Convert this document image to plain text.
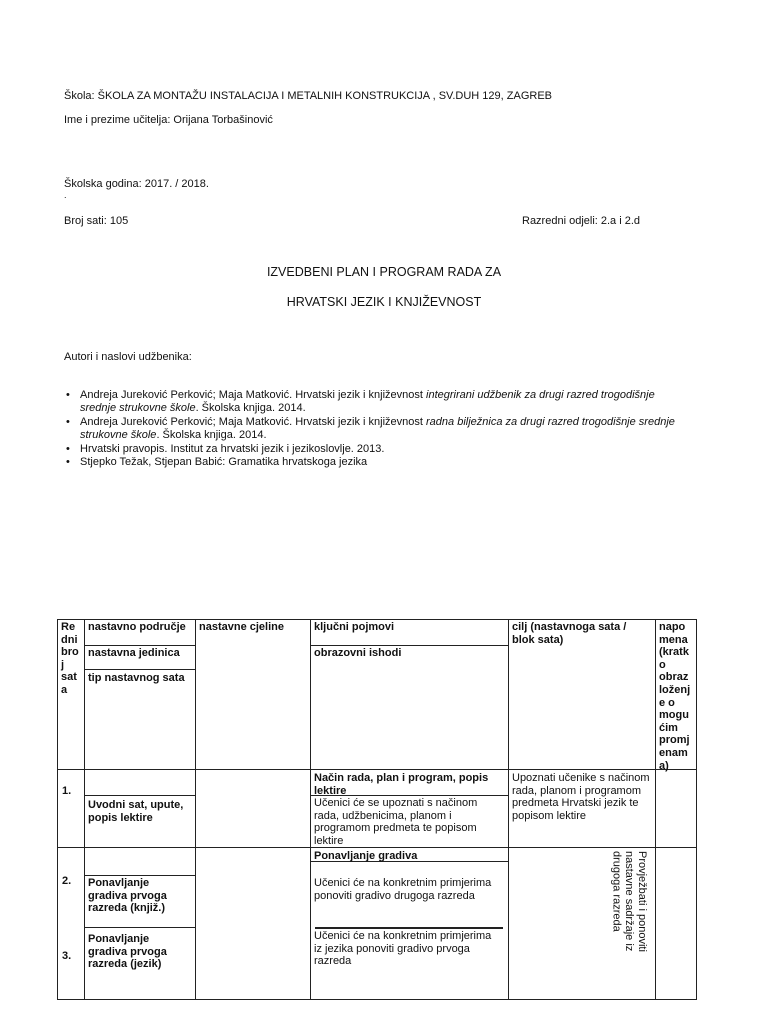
Škola: ŠKOLA ZA MONTAŽU INSTALACIJA I METALNIH KONSTRUKCIJA , SV.DUH 129, ZAGREB
Ime i prezime učitelja: Orijana Torbašinović
Školska godina: 2017. / 2018.
.
Broj sati: 105	Razredni odjeli: 2.a i 2.d
IZVEDBENI PLAN I PROGRAM RADA ZA
HRVATSKI JEZIK I KNJIŽEVNOST
Autori i naslovi udžbenika:
• Andreja Jureković Perković; Maja Matković. Hrvatski jezik i književnost integrirani udžbenik za drugi razred trogodišnje
srednje strukovne škole. Školska knjiga. 2014.
• Andreja Jureković Perković; Maja Matković. Hrvatski jezik i književnost radna bilježnica za drugi razred trogodišnje srednje
strukovne škole. Školska knjiga. 2014.
• Hrvatski pravopis. Institut za hrvatski jezik i jezikoslovlje. 2013.
• Stjepko Težak, Stjepan Babić: Gramatika hrvatskoga jezika
Re
dni
bro
j
sat
a
nastavno područje
nastavna jedinica
tip nastavnog sata
nastavne cjeline	ključni pojmovi
obrazovni ishodi
cilj (nastavnoga sata /
blok sata)
napo
mena
(kratk
o
obraz
loženj
e o
mogu
ćim
promj
enam
a)
1.
Uvodni sat, upute,
popis lektire
Način rada, plan i program, popis
lektire
Učenici će se upoznati s načinom
rada, udžbenicima, planom i
programom predmeta te popisom
lektire
Upoznati učenike s načinom
rada, planom i programom
predmeta Hrvatski jezik te
popisom lektire
2. Ponavljanje
gradiva prvoga
razreda (knjiž.)
Ponavljanje gradiva
Učenici će na konkretnim primjerima
ponoviti gradivo drugoga razreda
3.
Ponavljanje
gradiva prvoga
razreda (jezik)
Učenici će na konkretnim primjerima
iz jezika ponoviti gradivo prvoga
razreda
Provježbati i ponoviti
nastavne sadržaje iz
drugoga razreda
